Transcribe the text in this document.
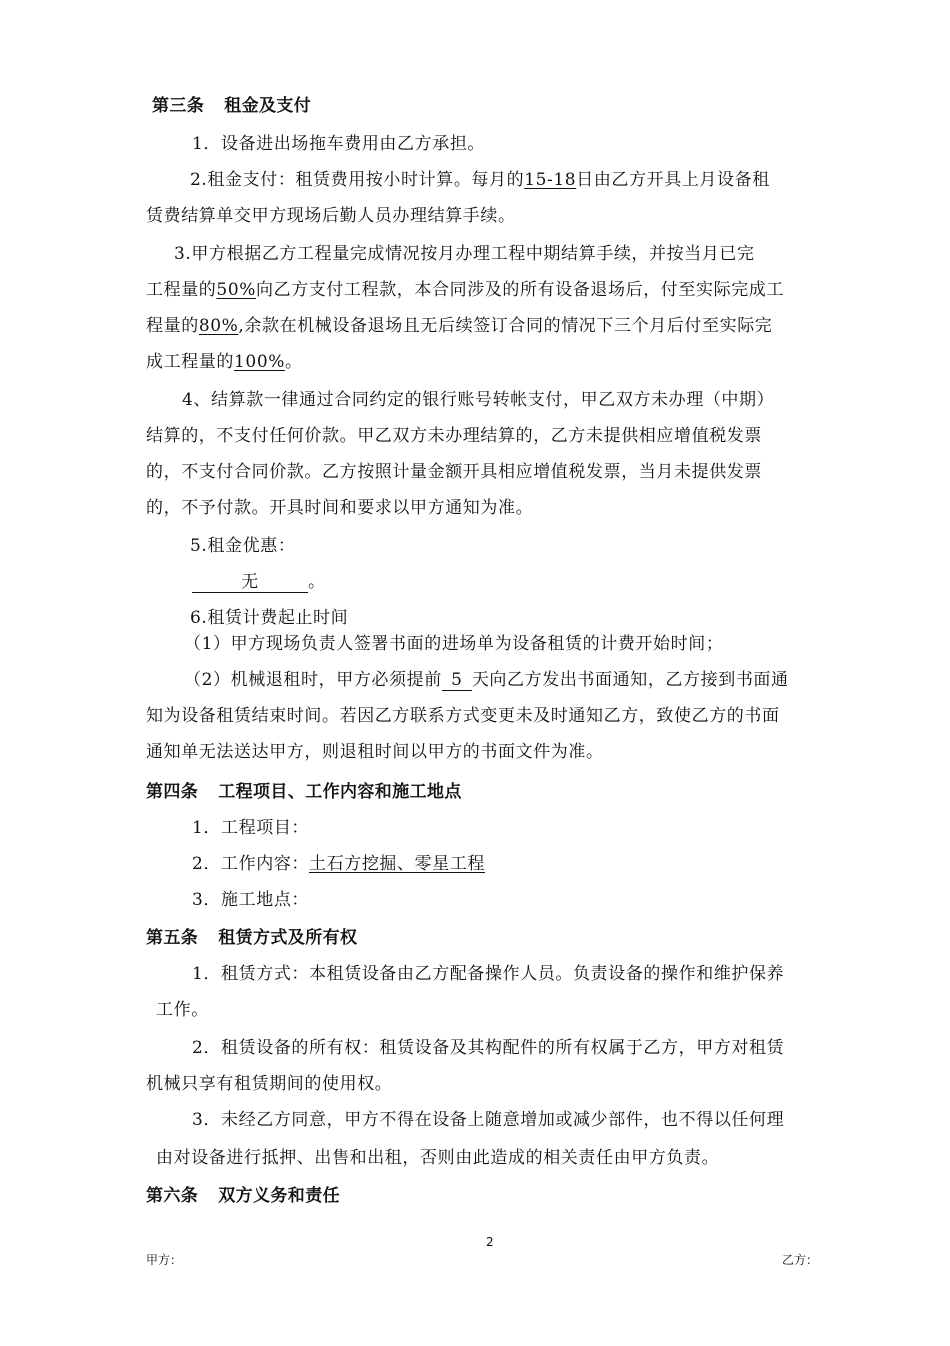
第三条 租金及支付
1．设备进出场拖车费用由乙方承担。
2.租金支付：租赁费用按小时计算。每月的15-18日由乙方开具上月设备租
赁费结算单交甲方现场后勤人员办理结算手续。
3.甲方根据乙方工程量完成情况按月办理工程中期结算手续，并按当月已完
工程量的50%向乙方支付工程款，本合同涉及的所有设备退场后，付至实际完成工
程量的80%,余款在机械设备退场且无后续签订合同的情况下三个月后付至实际完
成工程量的100%。
4、结算款一律通过合同约定的银行账号转帐支付，甲乙双方未办理（中期）
结算的，不支付任何价款。甲乙双方未办理结算的，乙方未提供相应增值税发票
的，不支付合同价款。乙方按照计量金额开具相应增值税发票，当月未提供发票
的，不予付款。开具时间和要求以甲方通知为准。
5.租金优惠：
无	。
6.租赁计费起止时间
（1）甲方现场负责人签署书面的进场单为设备租赁的计费开始时间；
（2）机械退租时，甲方必须提前 5 天向乙方发出书面通知，乙方接到书面通
知为设备租赁结束时间。若因乙方联系方式变更未及时通知乙方，致使乙方的书面
通知单无法送达甲方，则退租时间以甲方的书面文件为准。
第四条 工程项目、工作内容和施工地点
1．工程项目：
2．工作内容：土石方挖掘、零星工程
3．施工地点：
第五条 租赁方式及所有权
1．租赁方式：本租赁设备由乙方配备操作人员。负责设备的操作和维护保养
工作。
2．租赁设备的所有权：租赁设备及其构配件的所有权属于乙方，甲方对租赁
机械只享有租赁期间的使用权。
3．未经乙方同意，甲方不得在设备上随意增加或减少部件，也不得以任何理
由对设备进行抵押、出售和出租，否则由此造成的相关责任由甲方负责。
第六条 双方义务和责任
2
甲方：	乙方：
